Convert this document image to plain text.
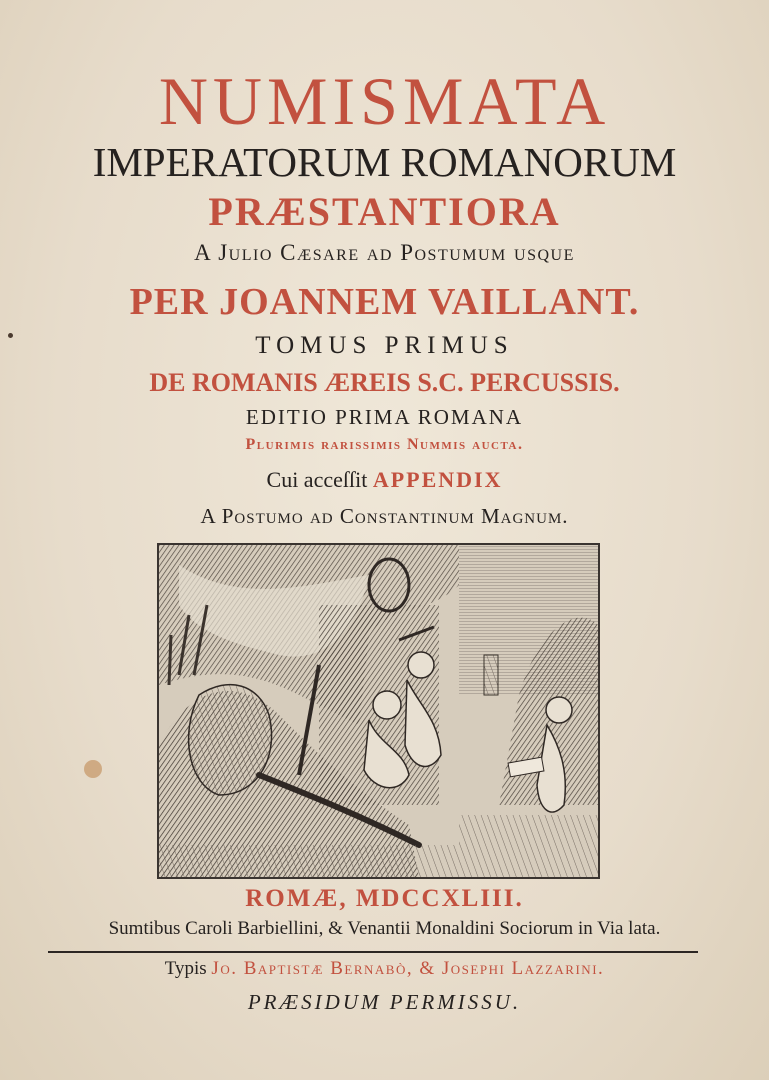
NUMISMATA
IMPERATORUM ROMANORUM
PRÆSTANTIORA
A Julio Cæsare ad Postumum usque
PER JOANNEM VAILLANT.
TOMUS PRIMUS
DE ROMANIS ÆREIS S.C. PERCUSSIS.
EDITIO PRIMA ROMANA
Plurimis rarissimis Nummis aucta.
Cui acceſſit APPENDIX
A Postumo ad Constantinum Magnum.
ROMÆ, MDCCXLIII.
Sumtibus Caroli Barbiellini, & Venantii Monaldini Sociorum in Via lata.
Typis Jo. Baptistæ Bernabò, & Josephi Lazzarini.
PRÆSIDUM PERMISSU.
